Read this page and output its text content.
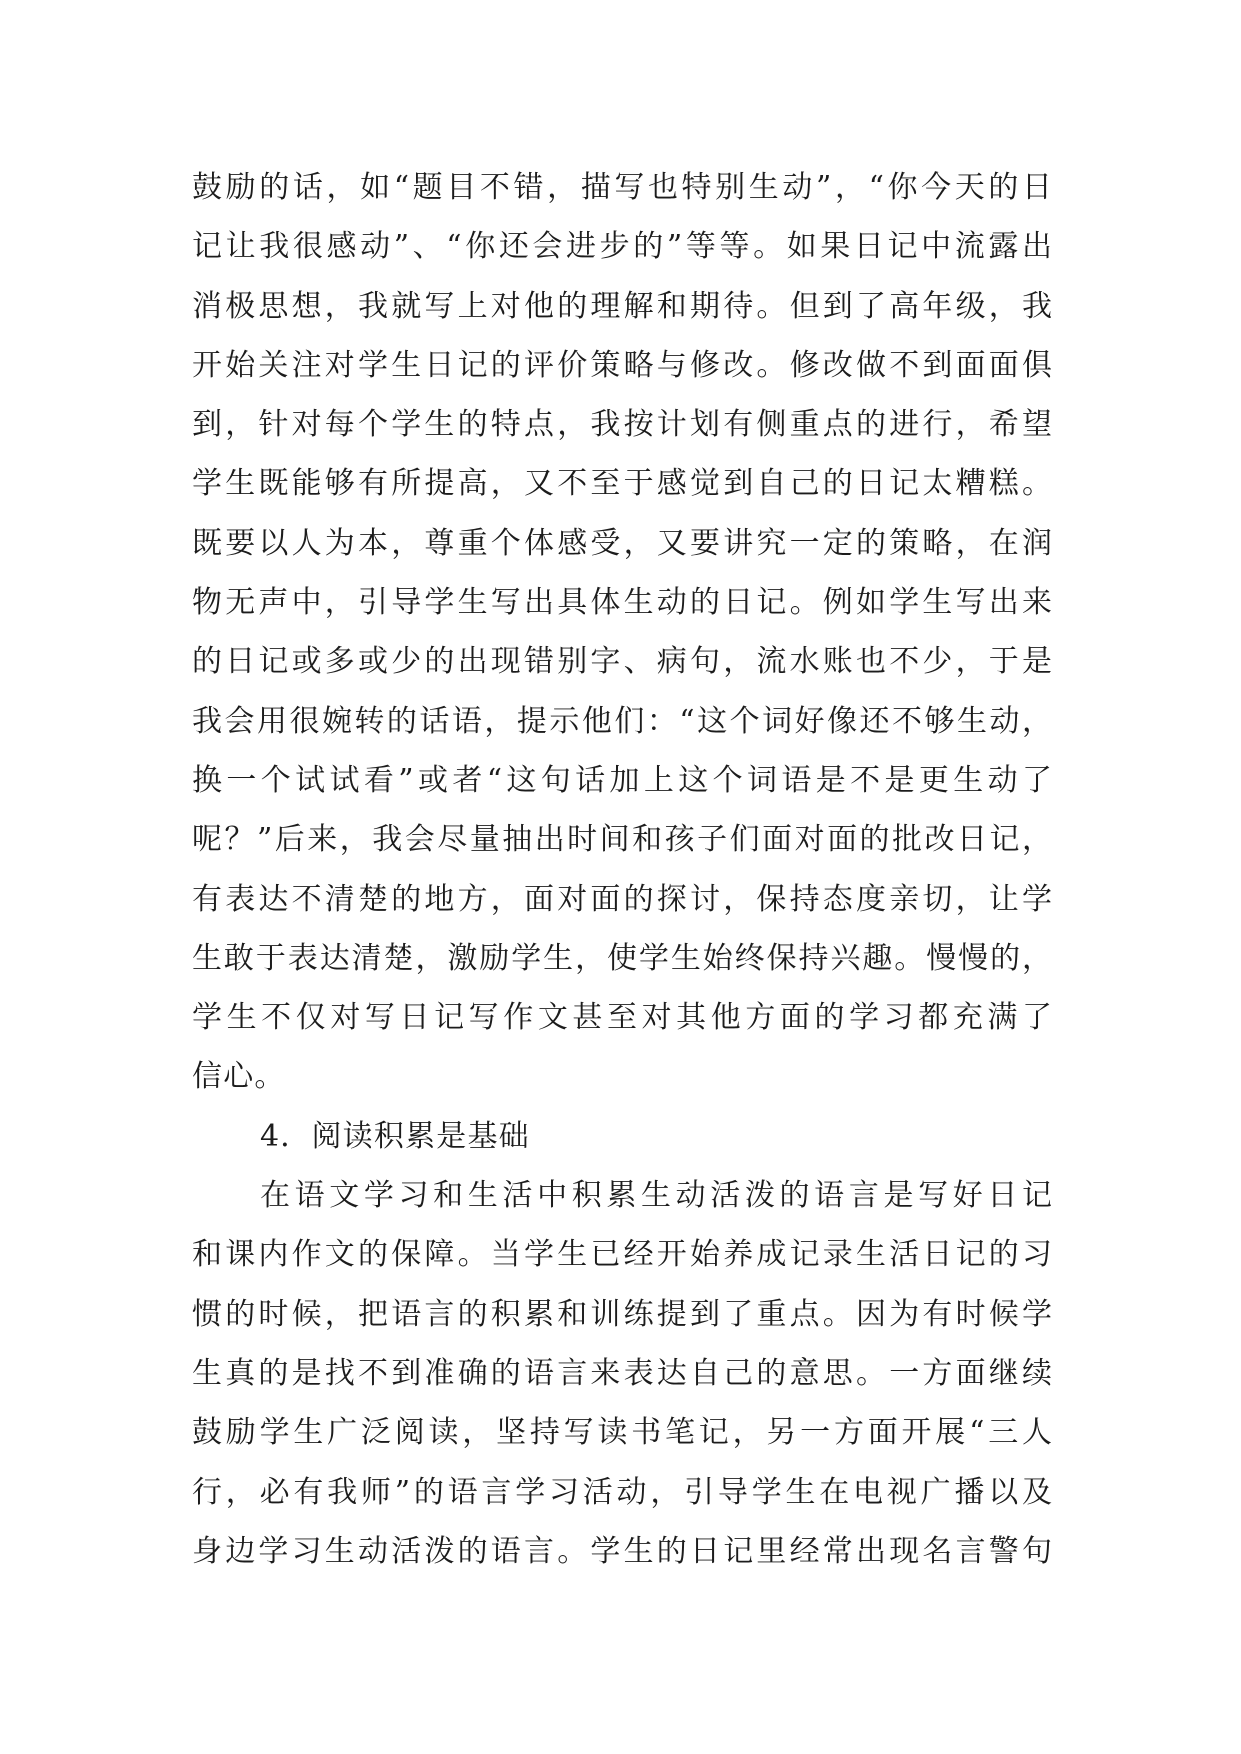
鼓励的话，如“题目不错，描写也特别生动”，“你今天的日
记让我很感动”、“你还会进步的”等等。如果日记中流露出
消极思想，我就写上对他的理解和期待。但到了高年级，我
开始关注对学生日记的评价策略与修改。修改做不到面面俱
到，针对每个学生的特点，我按计划有侧重点的进行，希望
学生既能够有所提高，又不至于感觉到自己的日记太糟糕。
既要以人为本，尊重个体感受，又要讲究一定的策略，在润
物无声中，引导学生写出具体生动的日记。例如学生写出来
的日记或多或少的出现错别字、病句，流水账也不少，于是
我会用很婉转的话语，提示他们：“这个词好像还不够生动，
换一个试试看”或者“这句话加上这个词语是不是更生动了
呢？”后来，我会尽量抽出时间和孩子们面对面的批改日记，
有表达不清楚的地方，面对面的探讨，保持态度亲切，让学
生敢于表达清楚，激励学生，使学生始终保持兴趣。慢慢的，
学生不仅对写日记写作文甚至对其他方面的学习都充满了
信心。
4．阅读积累是基础
在语文学习和生活中积累生动活泼的语言是写好日记
和课内作文的保障。当学生已经开始养成记录生活日记的习
惯的时候，把语言的积累和训练提到了重点。因为有时候学
生真的是找不到准确的语言来表达自己的意思。一方面继续
鼓励学生广泛阅读，坚持写读书笔记，另一方面开展“三人
行，必有我师”的语言学习活动，引导学生在电视广播以及
身边学习生动活泼的语言。学生的日记里经常出现名言警句
